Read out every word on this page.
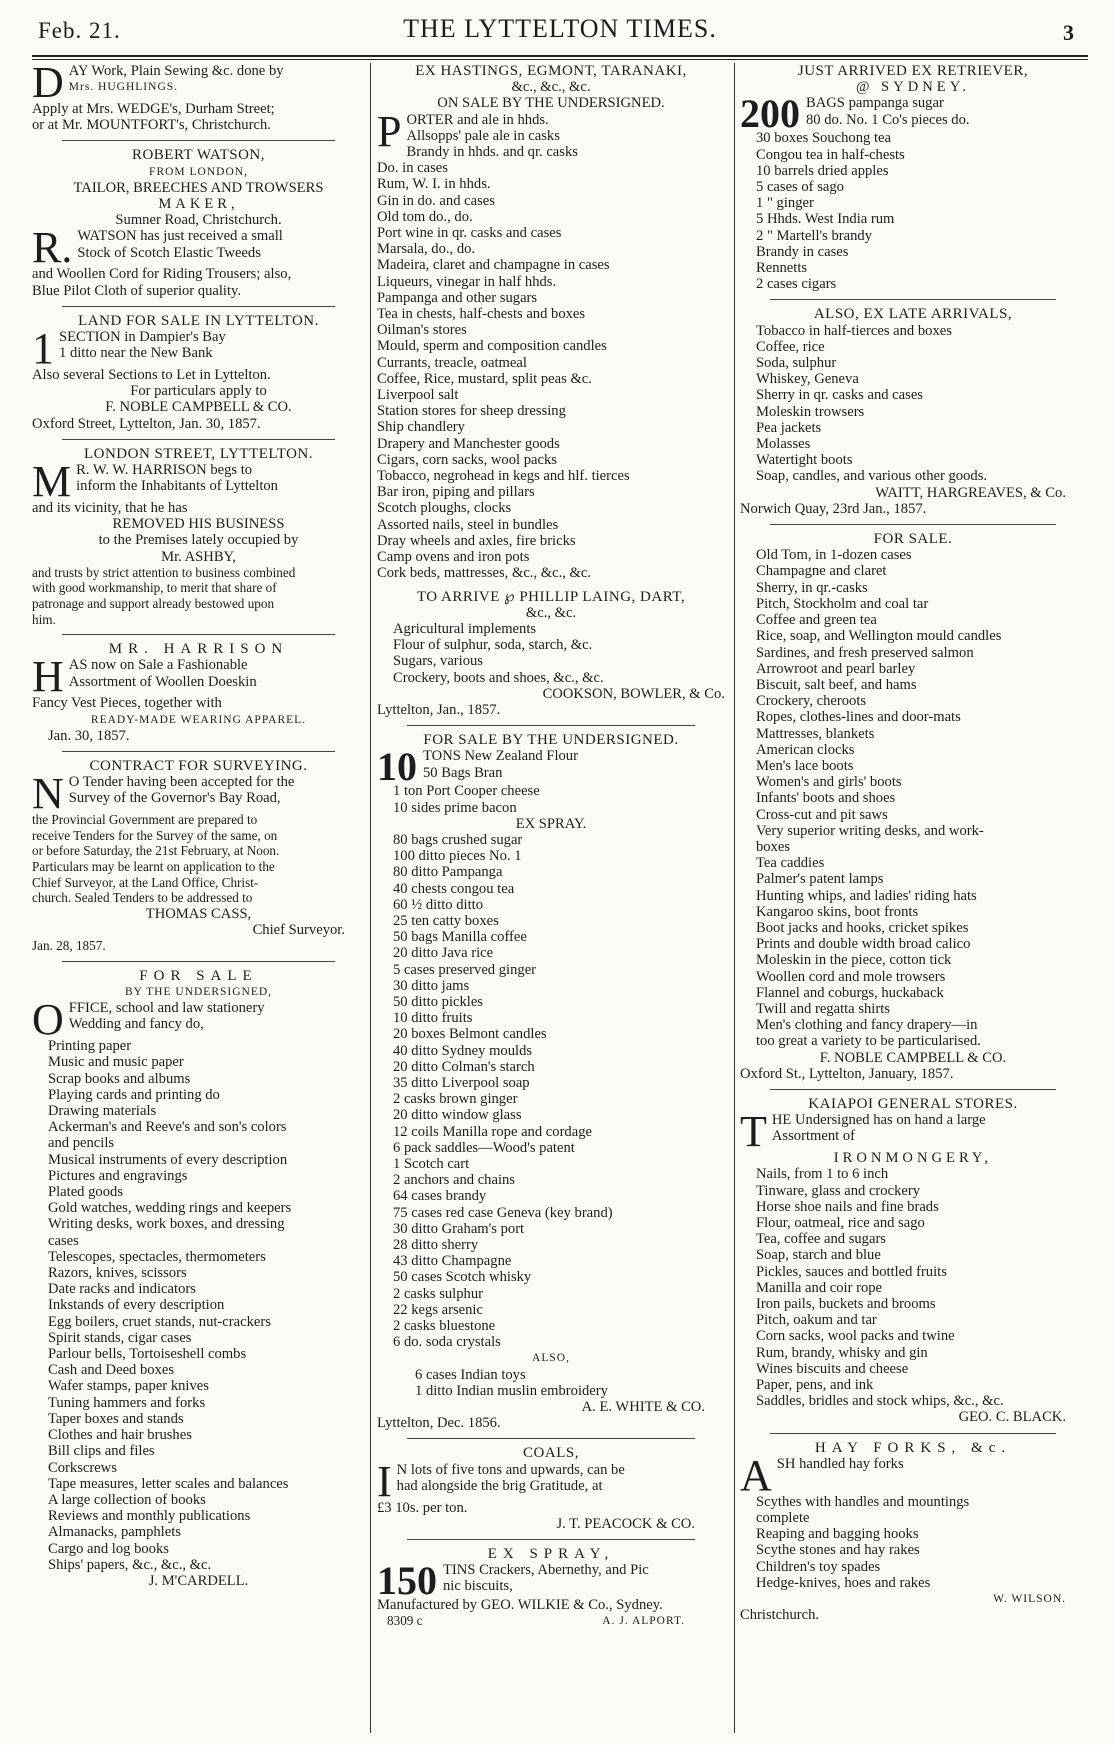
Feb. 21.	THE LYTTELTON TIMES.	3
DAY Work, Plain Sewing &c. done by
Mrs. HUGHLINGS.
Apply at Mrs. WEDGE's, Durham Street;
or at Mr. MOUNTFORT's, Christchurch.
ROBERT WATSON,
FROM LONDON,
TAILOR, BREECHES AND TROWSERS
MAKER,
Sumner Road, Christchurch.
R. WATSON has just received a small
Stock of Scotch Elastic Tweeds
and Woollen Cord for Riding Trousers; also,
Blue Pilot Cloth of superior quality.
LAND FOR SALE IN LYTTELTON.
1 SECTION in Dampier's Bay
1 ditto near the New Bank
Also several Sections to Let in Lyttelton.
For particulars apply to
F. NOBLE CAMPBELL & CO.
Oxford Street, Lyttelton, Jan. 30, 1857.
LONDON STREET, LYTTELTON.
M R. W. W. HARRISON begs to
inform the Inhabitants of Lyttelton
and its vicinity, that he has
REMOVED HIS BUSINESS
to the Premises lately occupied by
Mr. ASHBY,
and trusts by strict attention to business combined
with good workmanship, to merit that share of
patronage and support already bestowed upon
him.
MR. HARRISON
HAS now on Sale a Fashionable
Assortment of Woollen Doeskin
Fancy Vest Pieces, together with
READY-MADE WEARING APPAREL.
Jan. 30, 1857.
CONTRACT FOR SURVEYING.
N O Tender having been accepted for the
Survey of the Governor's Bay Road,
the Provincial Government are prepared to
receive Tenders for the Survey of the same, on
or before Saturday, the 21st February, at Noon.
Particulars may be learnt on application to the
Chief Surveyor, at the Land Office, Christ-
church. Sealed Tenders to be addressed to
THOMAS CASS,
Chief Surveyor.
Jan. 28, 1857.
FOR SALE
BY THE UNDERSIGNED,
OFFICE, school and law stationery
Wedding and fancy do,
Printing paper
Music and music paper
Scrap books and albums
Playing cards and printing do
Drawing materials
Ackerman's and Reeve's and son's colors
and pencils
Musical instruments of every description
Pictures and engravings
Plated goods
Gold watches, wedding rings and keepers
Writing desks, work boxes, and dressing
cases
Telescopes, spectacles, thermometers
Razors, knives, scissors
Date racks and indicators
Inkstands of every description
Egg boilers, cruet stands, nut-crackers
Spirit stands, cigar cases
Parlour bells, Tortoiseshell combs
Cash and Deed boxes
Wafer stamps, paper knives
Tuning hammers and forks
Taper boxes and stands
Clothes and hair brushes
Bill clips and files
Corkscrews
Tape measures, letter scales and balances
A large collection of books
Reviews and monthly publications
Almanacks, pamphlets
Cargo and log books
Ships' papers, &c., &c., &c.
J. M'CARDELL.
EX HASTINGS, EGMONT, TARANAKI,
&c., &c., &c.
ON SALE BY THE UNDERSIGNED.
PORTER and ale in hhds.
Allsopps' pale ale in casks
Brandy in hhds. and qr. casks
Do. in cases
Rum, W. I. in hhds.
Gin in do. and cases
Old tom do., do.
Port wine in qr. casks and cases
Marsala, do., do.
Madeira, claret and champagne in cases
Liqueurs, vinegar in half hhds.
Pampanga and other sugars
Tea in chests, half-chests and boxes
Oilman's stores
Mould, sperm and composition candles
Currants, treacle, oatmeal
Coffee, Rice, mustard, split peas &c.
Liverpool salt
Station stores for sheep dressing
Ship chandlery
Drapery and Manchester goods
Cigars, corn sacks, wool packs
Tobacco, negrohead in kegs and hlf. tierces
Bar iron, piping and pillars
Scotch ploughs, clocks
Assorted nails, steel in bundles
Dray wheels and axles, fire bricks
Camp ovens and iron pots
Cork beds, mattresses, &c., &c., &c.
TO ARRIVE ℘ PHILLIP LAING, DART,
&c., &c.
Agricultural implements
Flour of sulphur, soda, starch, &c.
Sugars, various
Crockery, boots and shoes, &c., &c.
COOKSON, BOWLER, & Co.
Lyttelton, Jan., 1857.
FOR SALE BY THE UNDERSIGNED.
10 TONS New Zealand Flour
50 Bags Bran
1 ton Port Cooper cheese
10 sides prime bacon
EX SPRAY.
80 bags crushed sugar
100 ditto pieces No. 1
80 ditto Pampanga
40 chests congou tea
60 ½ ditto ditto
25 ten catty boxes
50 bags Manilla coffee
20 ditto Java rice
5 cases preserved ginger
30 ditto jams
50 ditto pickles
10 ditto fruits
20 boxes Belmont candles
40 ditto Sydney moulds
20 ditto Colman's starch
35 ditto Liverpool soap
2 casks brown ginger
20 ditto window glass
12 coils Manilla rope and cordage
6 pack saddles—Wood's patent
1 Scotch cart
2 anchors and chains
64 cases brandy
75 cases red case Geneva (key brand)
30 ditto Graham's port
28 ditto sherry
43 ditto Champagne
50 cases Scotch whisky
2 casks sulphur
22 kegs arsenic
2 casks bluestone
6 do. soda crystals
ALSO,
6 cases Indian toys
1 ditto Indian muslin embroidery
A. E. WHITE & CO.
Lyttelton, Dec. 1856.
COALS,
I N lots of five tons and upwards, can be
had alongside the brig Gratitude, at
£3 10s. per ton.
J. T. PEACOCK & CO.
EX SPRAY,
150 TINS Crackers, Abernethy, and Pic
nic biscuits,
Manufactured by GEO. WILKIE & Co., Sydney.
8309 c	A. J. ALPORT.
JUST ARRIVED EX RETRIEVER,
@ SYDNEY.
200 BAGS pampanga sugar
80 do. No. 1 Co's pieces do.
30 boxes Souchong tea
Congou tea in half-chests
10 barrels dried apples
5 cases of sago
1 " ginger
5 Hhds. West India rum
2 " Martell's brandy
Brandy in cases
Rennetts
2 cases cigars
ALSO, EX LATE ARRIVALS,
Tobacco in half-tierces and boxes
Coffee, rice
Soda, sulphur
Whiskey, Geneva
Sherry in qr. casks and cases
Moleskin trowsers
Pea jackets
Molasses
Watertight boots
Soap, candles, and various other goods.
WAITT, HARGREAVES, & Co.
Norwich Quay, 23rd Jan., 1857.
FOR SALE.
Old Tom, in 1-dozen cases
Champagne and claret
Sherry, in qr.-casks
Pitch, Stockholm and coal tar
Coffee and green tea
Rice, soap, and Wellington mould candles
Sardines, and fresh preserved salmon
Arrowroot and pearl barley
Biscuit, salt beef, and hams
Crockery, cheroots
Ropes, clothes-lines and door-mats
Mattresses, blankets
American clocks
Men's lace boots
Women's and girls' boots
Infants' boots and shoes
Cross-cut and pit saws
Very superior writing desks, and work-
boxes
Tea caddies
Palmer's patent lamps
Hunting whips, and ladies' riding hats
Kangaroo skins, boot fronts
Boot jacks and hooks, cricket spikes
Prints and double width broad calico
Moleskin in the piece, cotton tick
Woollen cord and mole trowsers
Flannel and coburgs, huckaback
Twill and regatta shirts
Men's clothing and fancy drapery—in
too great a variety to be particularised.
F. NOBLE CAMPBELL & CO.
Oxford St., Lyttelton, January, 1857.
KAIAPOI GENERAL STORES.
THE Undersigned has on hand a large
Assortment of
IRONMONGERY,
Nails, from 1 to 6 inch
Tinware, glass and crockery
Horse shoe nails and fine brads
Flour, oatmeal, rice and sago
Tea, coffee and sugars
Soap, starch and blue
Pickles, sauces and bottled fruits
Manilla and coir rope
Iron pails, buckets and brooms
Pitch, oakum and tar
Corn sacks, wool packs and twine
Rum, brandy, whisky and gin
Wines biscuits and cheese
Paper, pens, and ink
Saddles, bridles and stock whips, &c., &c.
GEO. C. BLACK.
HAY FORKS, &c.
ASH handled hay forks
Scythes with handles and mountings
complete
Reaping and bagging hooks
Scythe stones and hay rakes
Children's toy spades
Hedge-knives, hoes and rakes
W. WILSON.
Christchurch.
